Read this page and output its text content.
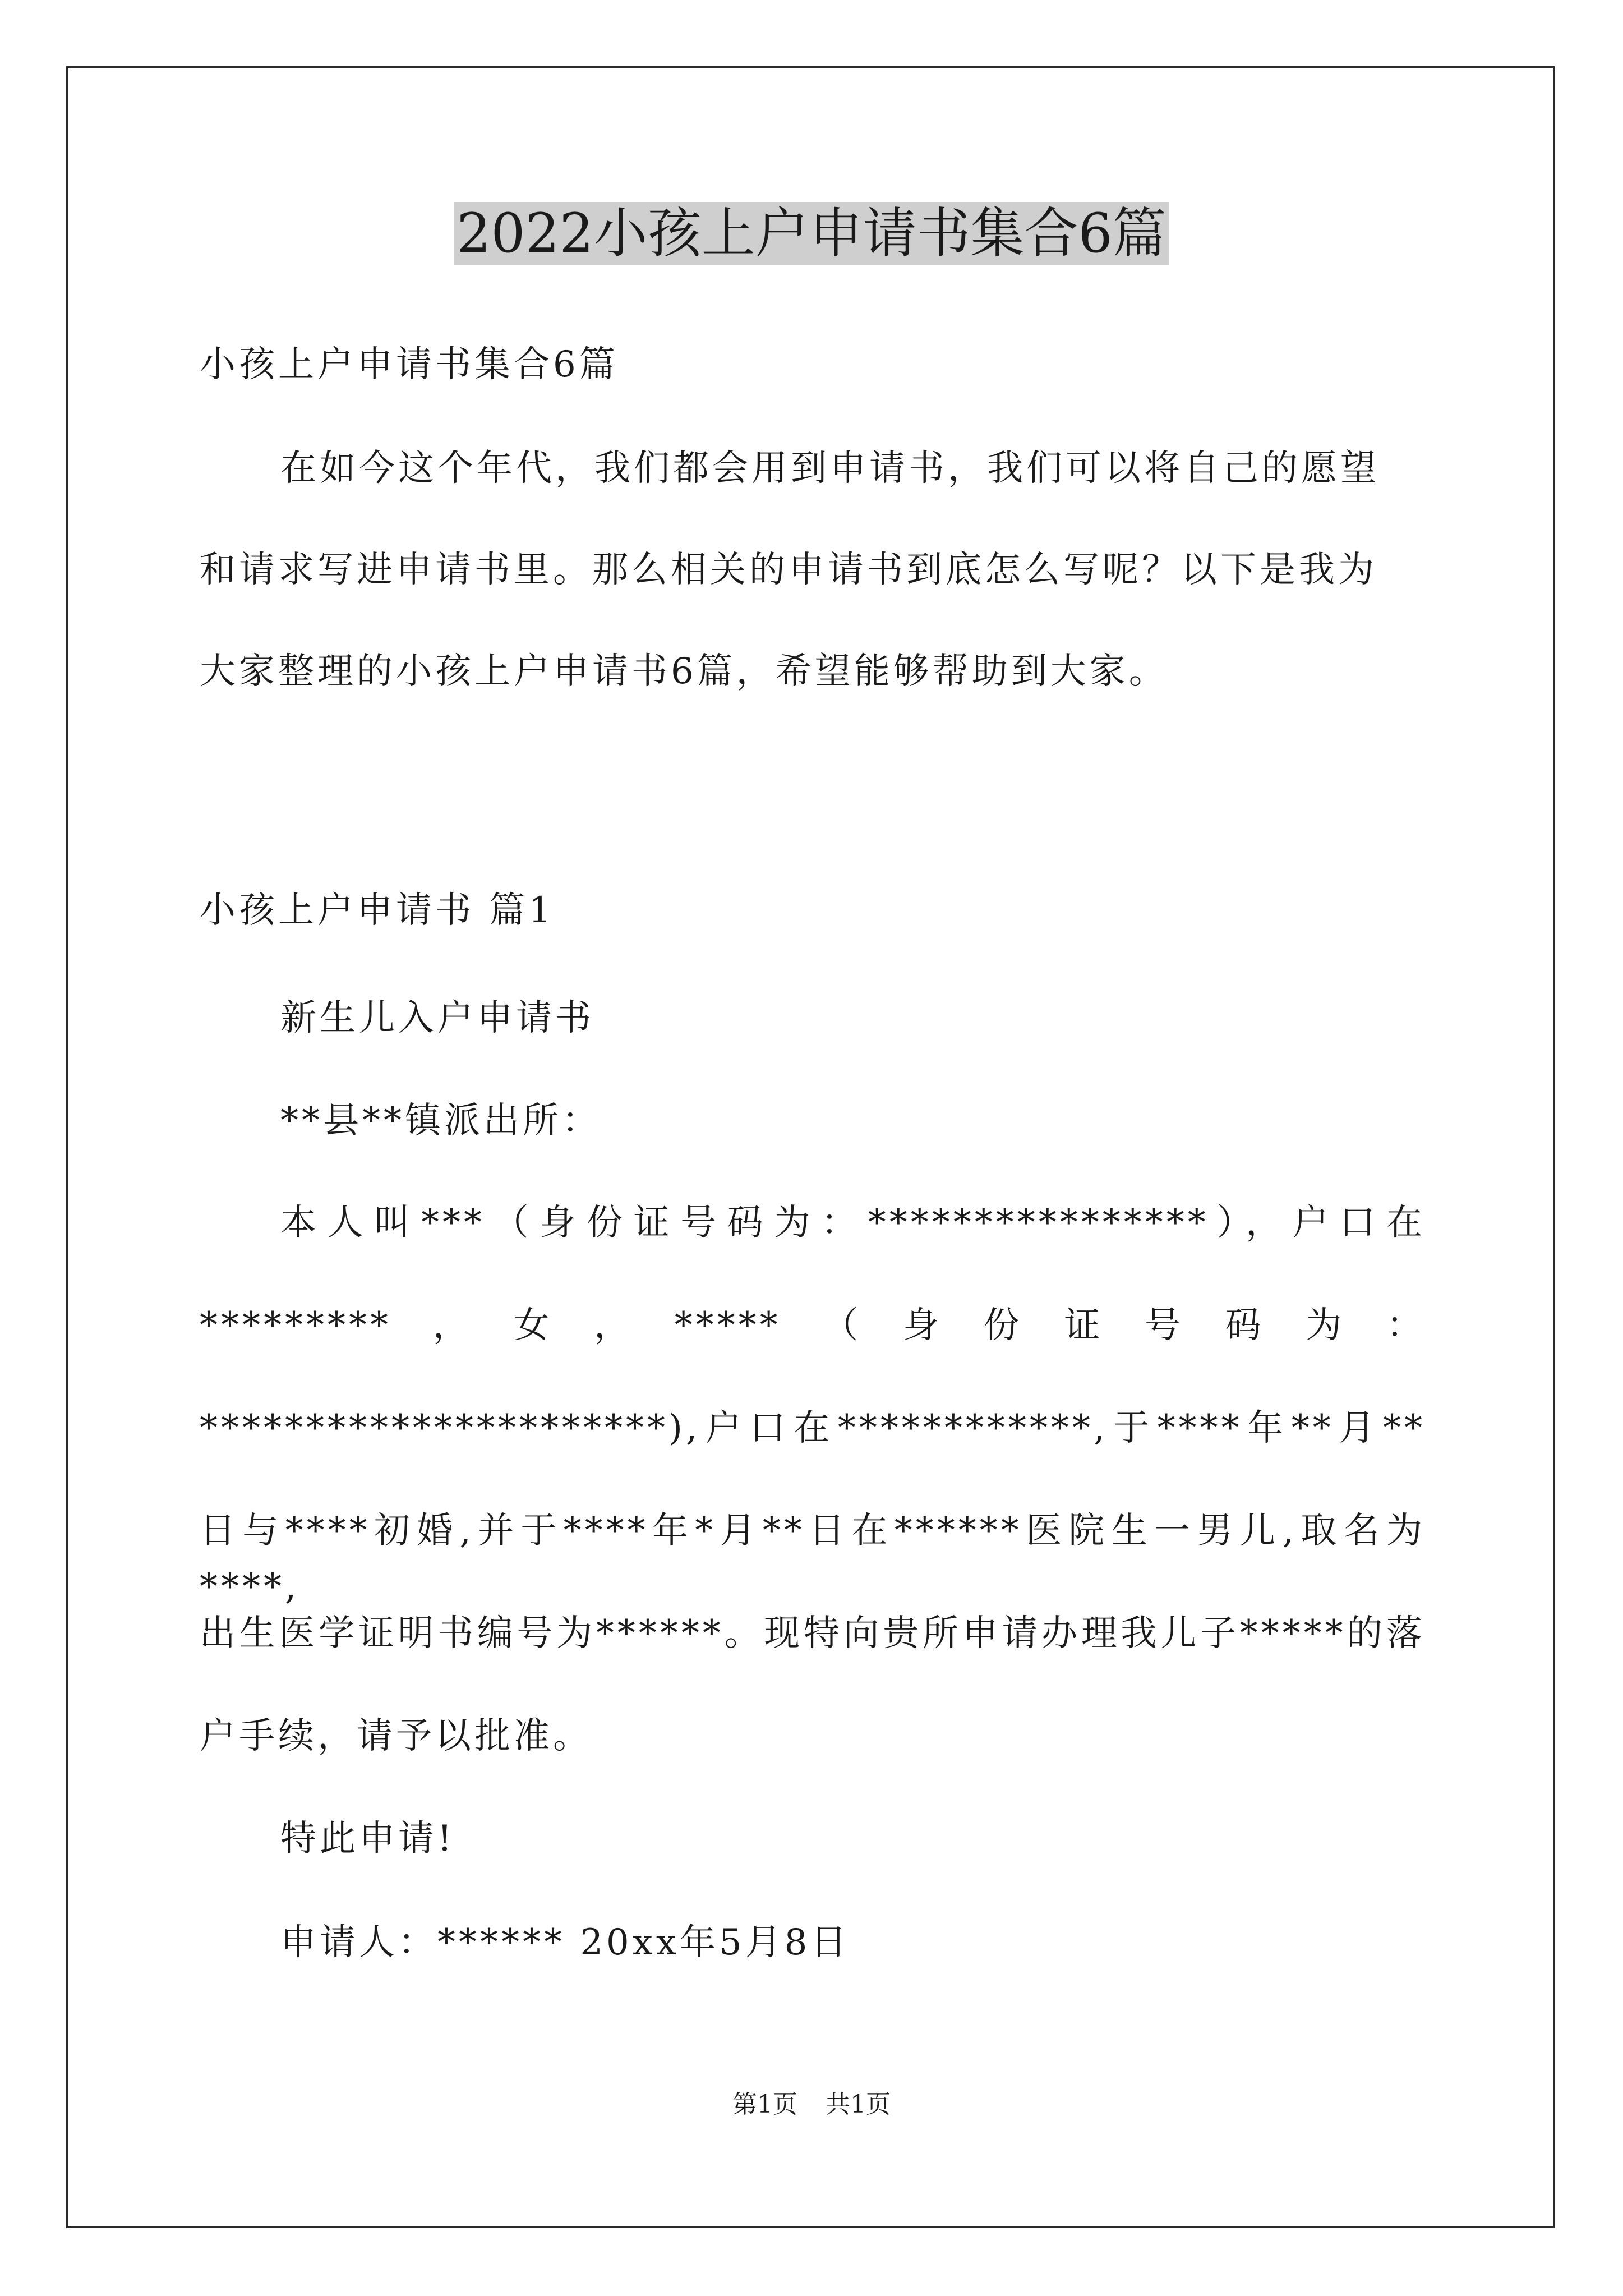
2022小孩上户申请书集合6篇
小孩上户申请书集合6篇
在如今这个年代，我们都会用到申请书，我们可以将自己的愿望
和请求写进申请书里。那么相关的申请书到底怎么写呢？以下是我为
大家整理的小孩上户申请书6篇，希望能够帮助到大家。
小孩上户申请书 篇1
新生儿入户申请书
**县**镇派出所：
本人叫***（身份证号码为：****************），户口在
*********，女，*****（身份证号码为：
**********************),户口在************,于****年**月**
日与****初婚,并于****年*月**日在******医院生一男儿,取名为****,
出生医学证明书编号为******。现特向贵所申请办理我儿子*****的落
户手续，请予以批准。
特此申请!
申请人：****** 20xx年5月8日
第1页 共1页
